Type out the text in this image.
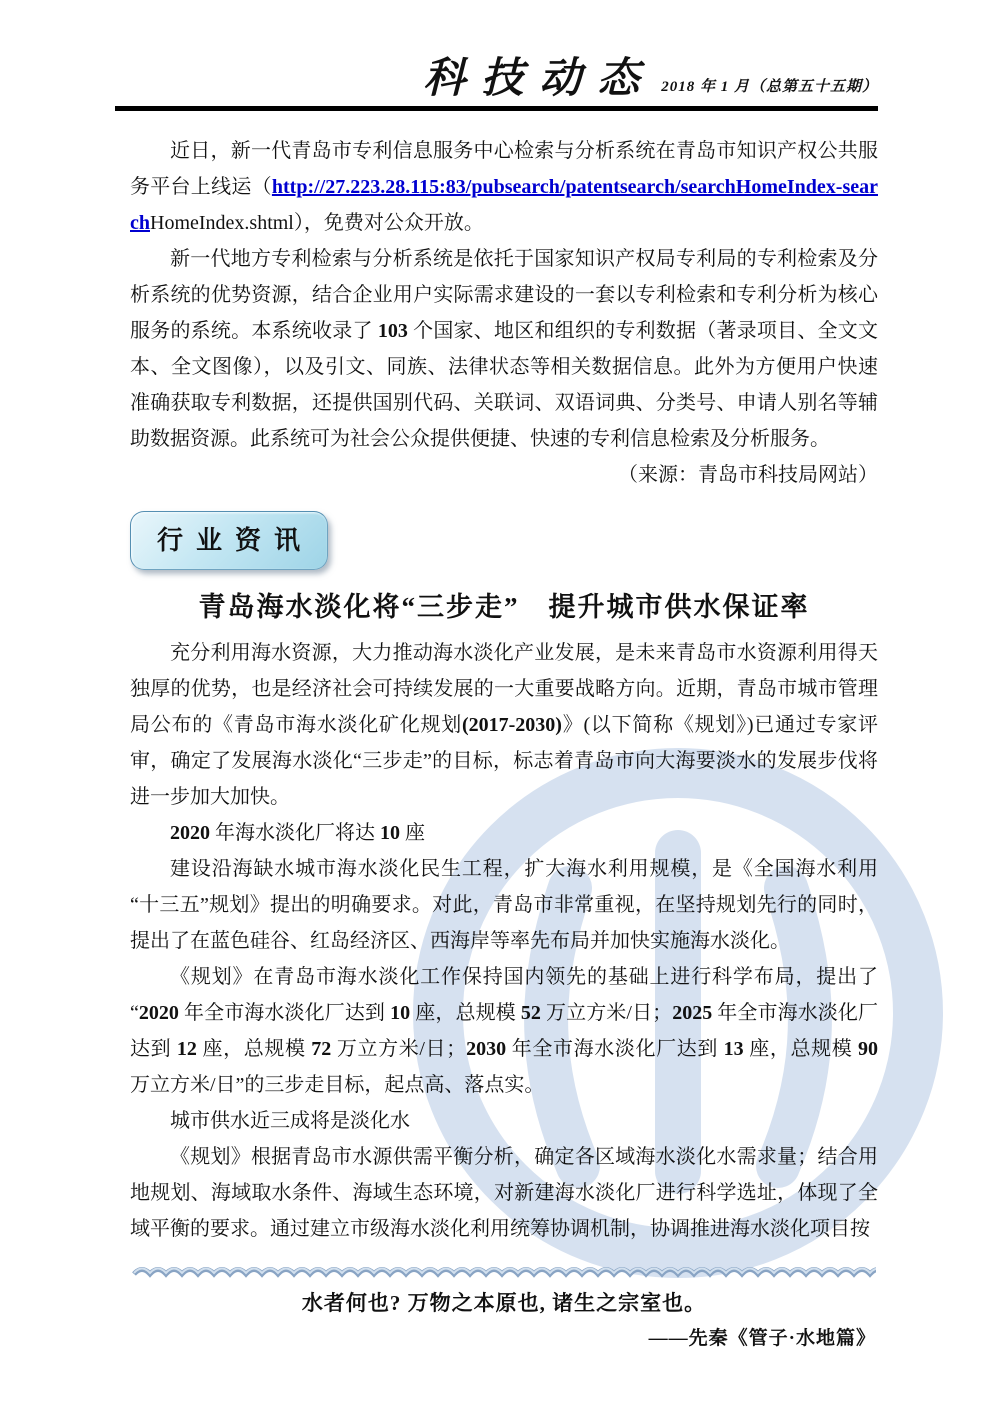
科技动态 2018 年 1 月（总第五十五期）

近日，新一代青岛市专利信息服务中心检索与分析系统在青岛市知识产权公共服务平台上线运（http://27.223.28.115:83/pubsearch/patentsearch/searchHomeIndex-searchHomeIndex.shtml），免费对公众开放。

新一代地方专利检索与分析系统是依托于国家知识产权局专利局的专利检索及分析系统的优势资源，结合企业用户实际需求建设的一套以专利检索和专利分析为核心服务的系统。本系统收录了 103 个国家、地区和组织的专利数据（著录项目、全文文本、全文图像），以及引文、同族、法律状态等相关数据信息。此外为方便用户快速准确获取专利数据，还提供国别代码、关联词、双语词典、分类号、申请人别名等辅助数据资源。此系统可为社会公众提供便捷、快速的专利信息检索及分析服务。

（来源：青岛市科技局网站）

行业资讯
青岛海水淡化将“三步走”　提升城市供水保证率

充分利用海水资源，大力推动海水淡化产业发展，是未来青岛市水资源利用得天独厚的优势，也是经济社会可持续发展的一大重要战略方向。近期，青岛市城市管理局公布的《青岛市海水淡化矿化规划(2017-2030)》(以下简称《规划》)已通过专家评审，确定了发展海水淡化“三步走”的目标，标志着青岛市向大海要淡水的发展步伐将进一步加大加快。

2020 年海水淡化厂将达 10 座

建设沿海缺水城市海水淡化民生工程，扩大海水利用规模，是《全国海水利用“十三五”规划》提出的明确要求。对此，青岛市非常重视，在坚持规划先行的同时，提出了在蓝色硅谷、红岛经济区、西海岸等率先布局并加快实施海水淡化。

《规划》在青岛市海水淡化工作保持国内领先的基础上进行科学布局，提出了“2020 年全市海水淡化厂达到 10 座，总规模 52 万立方米/日；2025 年全市海水淡化厂达到 12 座，总规模 72 万立方米/日；2030 年全市海水淡化厂达到 13 座，总规模 90 万立方米/日”的三步走目标，起点高、落点实。

城市供水近三成将是淡化水

《规划》根据青岛市水源供需平衡分析，确定各区域海水淡化水需求量；结合用地规划、海域取水条件、海域生态环境，对新建海水淡化厂进行科学选址，体现了全域平衡的要求。通过建立市级海水淡化利用统筹协调机制，协调推进海水淡化项目按

水者何也? 万物之本原也, 诸生之宗室也。

——先秦《管子·水地篇》
